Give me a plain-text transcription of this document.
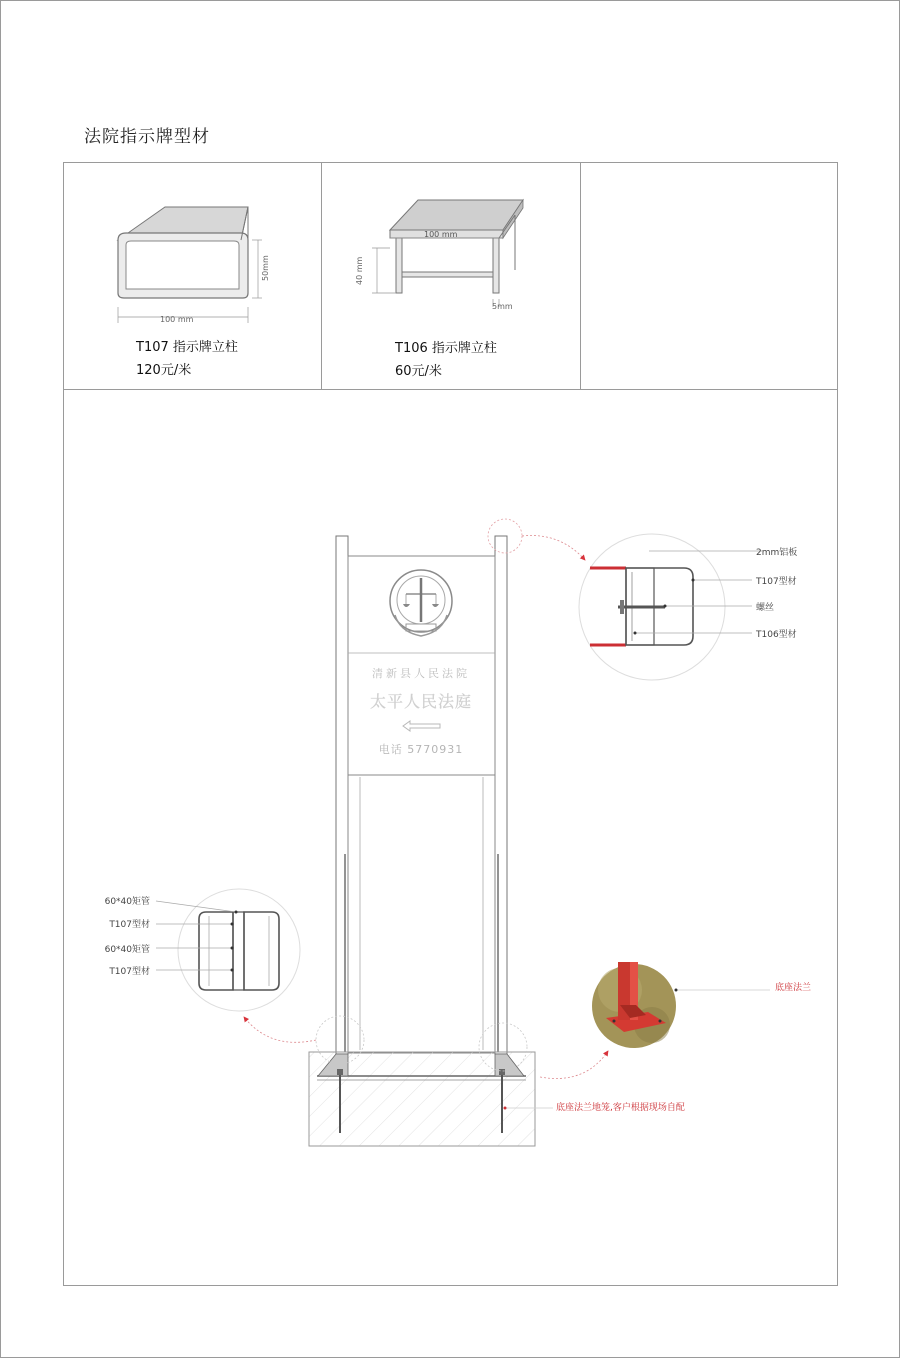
法院指示牌型材
100 mm
50mm
T107 指示牌立柱
120元/米
100 mm
40 mm
5mm
T106 指示牌立柱
60元/米
清新县人民法院
太平人民法庭
电话 5770931
2mm铝板
T107型材
螺丝
T106型材
60*40矩管
T107型材
60*40矩管
T107型材
底座法兰
底座法兰地笼,客户根据现场自配
